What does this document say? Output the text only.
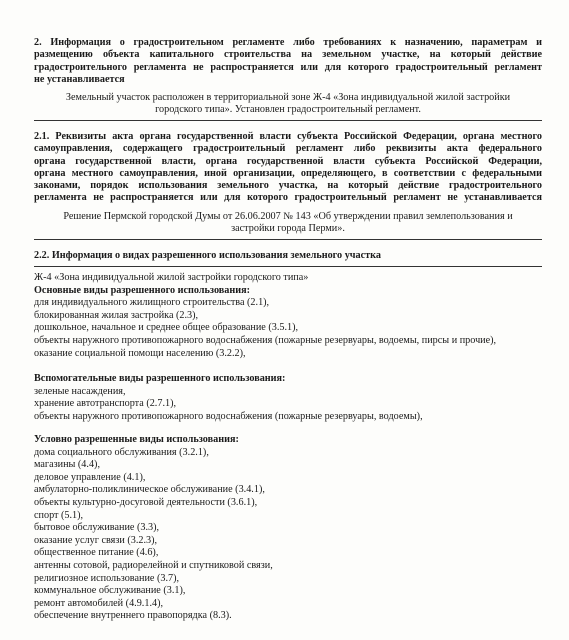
2. Информация о градостроительном регламенте либо требованиях к назначению, параметрам и
размещению объекта капитального строительства на земельном участке, на который действие
градостроительного регламента не распространяется или для которого градостроительный регламент
не устанавливается
Земельный участок расположен в территориальной зоне Ж-4 «Зона индивидуальной жилой застройки
городского типа». Установлен градостроительный регламент.
2.1. Реквизиты акта органа государственной власти субъекта Российской Федерации, органа местного
самоуправления, содержащего градостроительный регламент либо реквизиты акта федерального
органа государственной власти, органа государственной власти субъекта Российской Федерации,
органа местного самоуправления, иной организации, определяющего, в соответствии с федеральными
законами, порядок использования земельного участка, на который действие градостроительного
регламента не распространяется или для которого градостроительный регламент не устанавливается
Решение Пермской городской Думы от 26.06.2007 № 143 «Об утверждении правил землепользования и
застройки города Перми».
2.2. Информация о видах разрешенного использования земельного участка
Ж-4 «Зона индивидуальной жилой застройки городского типа»
Основные виды разрешенного использования:
для индивидуального жилищного строительства (2.1),
блокированная жилая застройка (2.3),
дошкольное, начальное и среднее общее образование (3.5.1),
объекты наружного противопожарного водоснабжения (пожарные резервуары, водоемы, пирсы и прочие),
оказание социальной помощи населению (3.2.2),
Вспомогательные виды разрешенного использования:
зеленые насаждения,
хранение автотранспорта (2.7.1),
объекты наружного противопожарного водоснабжения (пожарные резервуары, водоемы),
Условно разрешенные виды использования:
дома социального обслуживания (3.2.1),
магазины (4.4),
деловое управление (4.1),
амбулаторно-поликлиническое обслуживание (3.4.1),
объекты культурно-досуговой деятельности (3.6.1),
спорт (5.1),
бытовое обслуживание (3.3),
оказание услуг связи (3.2.3),
общественное питание (4.6),
антенны сотовой, радиорелейной и спутниковой связи,
религиозное использование (3.7),
коммунальное обслуживание (3.1),
ремонт автомобилей (4.9.1.4),
обеспечение внутреннего правопорядка (8.3).
